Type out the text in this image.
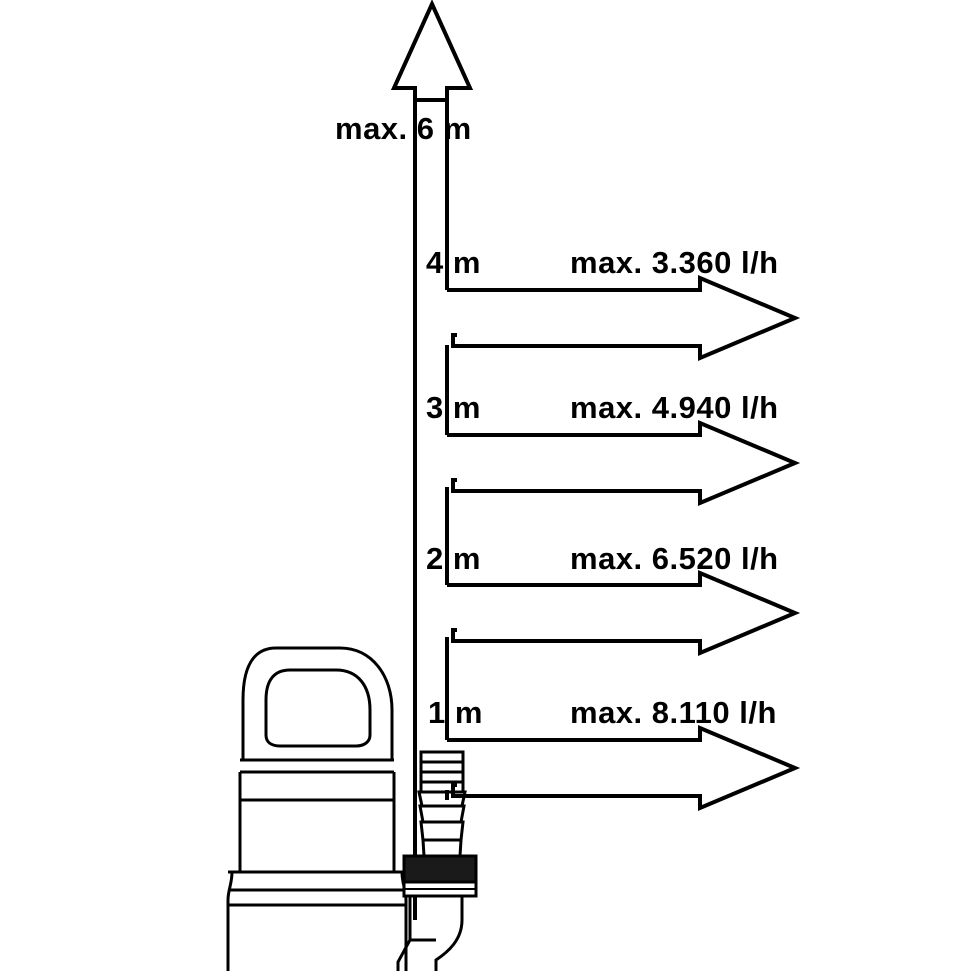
max. 6 m
4 m	max. 3.360 l/h
3 m	max. 4.940 l/h
2 m	max. 6.520 l/h
1 m	max. 8.110 l/h
